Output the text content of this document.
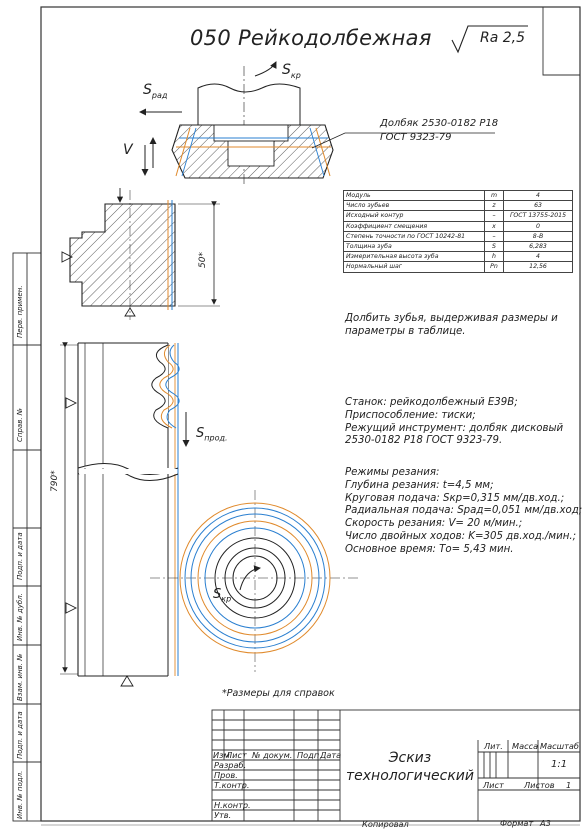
050 Рейкодолбежная	Ra 2,5
$S_{кр}$
$S_{рад}$
V
$S_{прод.}$
$S_{кр}$
Долбяк 2530-0182 Р18
ГОСТ 9323-79
50*
790*
Модуль	m	4
Число зубьев	z	63
Исходный контур	–	ГОСТ 13755-2015
Коэффициент смещения	x	0
Степень точности по ГОСТ 10242-81	–	8-В
Толщина зуба	S	6,283
Измерительная высота зуба	h	4
Нормальный шаг	Pn	12,56
Долбить зубья, выдерживая размеры и
параметры в таблице.
Станок: рейкодолбежный E39В;
Приспособление: тиски;
Режущий инструмент: долбяк дисковый
2530-0182 Р18 ГОСТ 9323-79.
Режимы резания:
Глубина резания: t=4,5 мм;
Круговая подача: Sкр=0,315 мм/дв.ход.;
Радиальная подача: Sрад=0,051 мм/дв.ход;
Скорость резания: V= 20 м/мин.;
Число двойных ходов: K=305 дв.ход./мин.;
Основное время: То= 5,43 мин.
*Размеры для справок
Изм
Лист № докум. Подп Дата
Разраб.
Пров.
Т.контр.
Н.контр.
Утв.
Эскиз
технологический
Лит. Масса Масштаб
1:1
Лист Листов 1
Копировал	Формат А3
Перв. примен.
Справ. №
Подп. и дата
Инв. № дубл.
Взам. инв. №
Подп. и дата
Инв. № подл.
